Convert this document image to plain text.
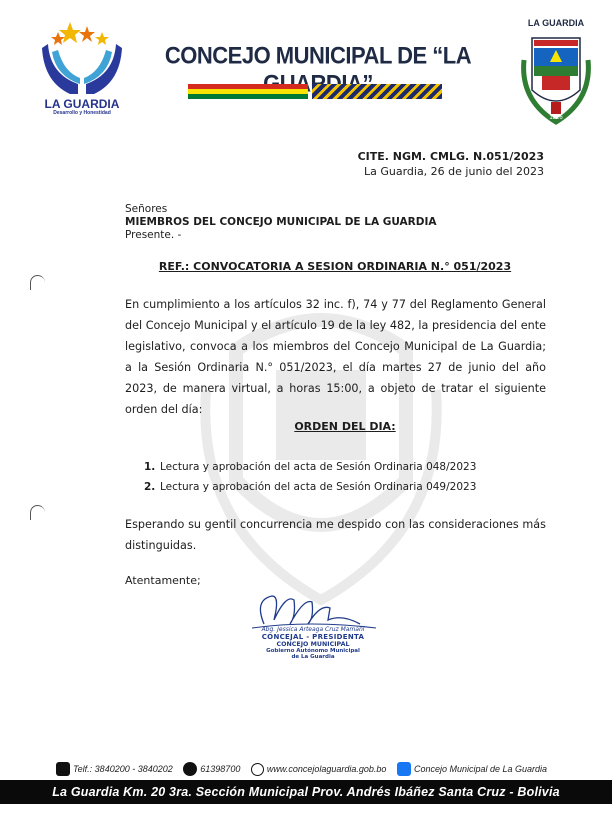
LA GUARDIA
Desarrollo y Honestidad
CONCEJO MUNICIPAL DE “LA
LA GUARDIA
1826
CITE. NGM. CMLG. N.051/2023
La Guardia, 26 de junio del 2023
Señores
MIEMBROS DEL CONCEJO MUNICIPAL DE LA GUARDIA
Presente. -
REF.: CONVOCATORIA A SESION ORDINARIA N.° 051/2023
En cumplimiento a los artículos 32 inc. f), 74 y 77 del Reglamento General del Concejo Municipal y el artículo 19 de la ley 482, la presidencia del ente legislativo, convoca a los miembros del Concejo Municipal de La Guardia; a la Sesión Ordinaria N.° 051/2023, el día martes 27 de junio del año 2023, de manera virtual, a horas 15:00, a objeto de tratar el siguiente orden del día:
ORDEN DEL DIA:
1. Lectura y aprobación del acta de Sesión Ordinaria 048/2023
2. Lectura y aprobación del acta de Sesión Ordinaria 049/2023
Esperando su gentil concurrencia me despido con las consideraciones más distinguidas.
Atentamente;
Abg. Jessica Arteaga Cruz Mamani
CONCEJAL - PRESIDENTA
CONCEJO MUNICIPAL
Gobierno Autónomo Municipal
de La Guardia
Telf.: 3840200 - 3840202
	61398700
	www.concejolaguardia.gob.bo
	Concejo Municipal de La Guardia
La Guardia Km. 20 3ra. Sección Municipal Prov. Andrés Ibáñez Santa Cruz - Bolivia
